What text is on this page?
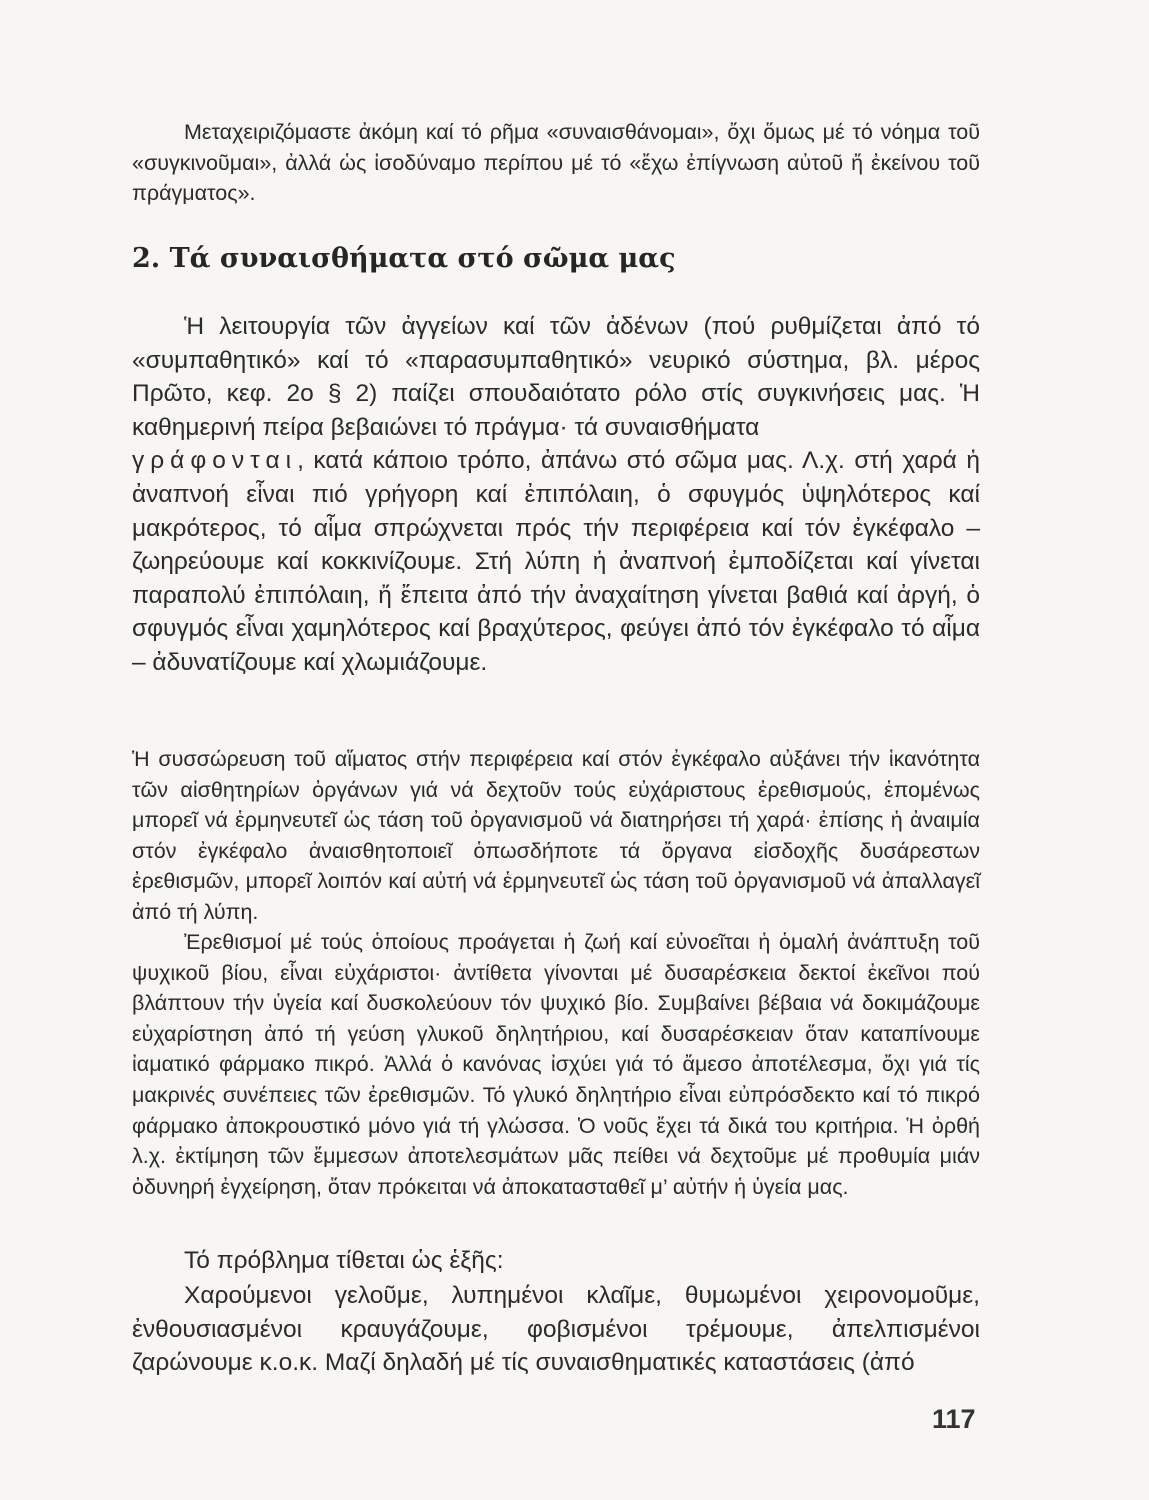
Μεταχειριζόμαστε ἀκόμη καί τό ρῆμα «συναισθάνομαι», ὄχι ὅμως μέ τό νόημα τοῦ «συγκινοῦμαι», ἀλλά ὡς ἰσοδύναμο περίπου μέ τό «ἔχω ἐπίγνωση αὐτοῦ ἤ ἐκείνου τοῦ πράγματος».

2. Τά συναισθήματα στό σῶμα μας

Ἡ λειτουργία τῶν ἀγγείων καί τῶν ἀδένων (πού ρυθμίζεται ἀπό τό «συμπαθητικό» καί τό «παρασυμπαθητικό» νευρικό σύστημα, βλ. μέρος Πρῶτο, κεφ. 2ο § 2) παίζει σπουδαιότατο ρόλο στίς συγκινήσεις μας. Ἡ καθημερινή πείρα βεβαιώνει τό πράγμα· τά συναισθήματα
γράφονται, κατά κάποιο τρόπο, ἀπάνω στό σῶμα μας. Λ.χ. στή χαρά ἡ ἀναπνοή εἶναι πιό γρήγορη καί ἐπιπόλαιη, ὁ σφυγμός ὑψηλότερος καί μακρότερος, τό αἷμα σπρώχνεται πρός τήν περιφέρεια καί τόν ἐγκέφαλο – ζωηρεύουμε καί κοκκινίζουμε. Στή λύπη ἡ ἀναπνοή ἐμποδίζεται καί γίνεται παραπολύ ἐπιπόλαιη, ἤ ἔπειτα ἀπό τήν ἀναχαίτηση γίνεται βαθιά καί ἀργή, ὁ σφυγμός εἶναι χαμηλότερος καί βραχύτερος, φεύγει ἀπό τόν ἐγκέφαλο τό αἷμα – ἀδυνατίζουμε καί χλωμιάζουμε.

Ἡ συσσώρευση τοῦ αἵματος στήν περιφέρεια καί στόν ἐγκέφαλο αὐξάνει τήν ἱκανότητα τῶν αἰσθητηρίων ὀργάνων γιά νά δεχτοῦν τούς εὐχάριστους ἐρεθισμούς, ἑπομένως μπορεῖ νά ἑρμηνευτεῖ ὡς τάση τοῦ ὀργανισμοῦ νά διατηρήσει τή χαρά· ἐπίσης ἡ ἀναιμία στόν ἐγκέφαλο ἀναισθητοποιεῖ ὁπωσδήποτε τά ὄργανα εἰσδοχῆς δυσάρεστων ἐρεθισμῶν, μπορεῖ λοιπόν καί αὐτή νά ἑρμηνευτεῖ ὡς τάση τοῦ ὀργανισμοῦ νά ἀπαλλαγεῖ ἀπό τή λύπη.

Ἐρεθισμοί μέ τούς ὁποίους προάγεται ἡ ζωή καί εὐνοεῖται ἡ ὁμαλή ἀνάπτυξη τοῦ ψυχικοῦ βίου, εἶναι εὐχάριστοι· ἀντίθετα γίνονται μέ δυσαρέσκεια δεκτοί ἐκεῖνοι πού βλάπτουν τήν ὑγεία καί δυσκολεύουν τόν ψυχικό βίο. Συμβαίνει βέβαια νά δοκιμάζουμε εὐχαρίστηση ἀπό τή γεύση γλυκοῦ δηλητήριου, καί δυσαρέσκειαν ὅταν καταπίνουμε ἰαματικό φάρμακο πικρό. Ἀλλά ὁ κανόνας ἰσχύει γιά τό ἄμεσο ἀποτέλεσμα, ὄχι γιά τίς μακρινές συνέπειες τῶν ἐρεθισμῶν. Τό γλυκό δηλητήριο εἶναι εὐπρόσδεκτο καί τό πικρό φάρμακο ἀποκρουστικό μόνο γιά τή γλώσσα. Ὁ νοῦς ἔχει τά δικά του κριτήρια. Ἡ ὀρθή λ.χ. ἐκτίμηση τῶν ἔμμεσων ἀποτελεσμάτων μᾶς πείθει νά δεχτοῦμε μέ προθυμία μιάν ὀδυνηρή ἐγχείρηση, ὅταν πρόκειται νά ἀποκατασταθεῖ μ’ αὐτήν ἡ ὑγεία μας.

Τό πρόβλημα τίθεται ὡς ἑξῆς:

Χαρούμενοι γελοῦμε, λυπημένοι κλαῖμε, θυμωμένοι χειρονομοῦμε, ἐνθουσιασμένοι κραυγάζουμε, φοβισμένοι τρέμουμε, ἀπελπισμένοι ζαρώνουμε κ.ο.κ. Μαζί δηλαδή μέ τίς συναισθηματικές καταστάσεις (ἀπό

117
